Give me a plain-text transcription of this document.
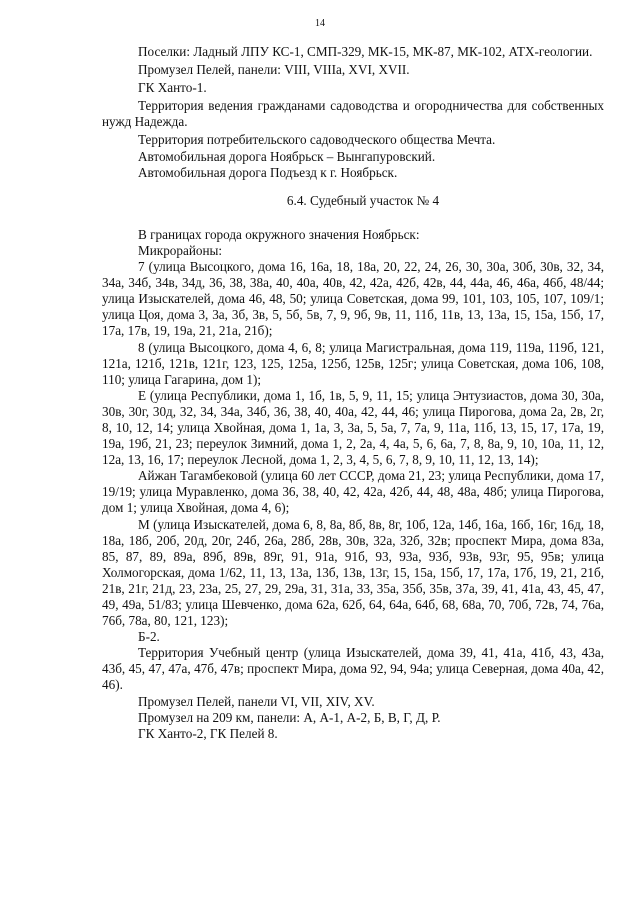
14

Поселки: Ладный ЛПУ КС-1, СМП-329, МК-15, МК-87, МК-102, АТХ-геологии.

Промузел Пелей, панели: VIII, VIIIа, XVI, XVII.

ГК Ханто-1.

Территория ведения гражданами садоводства и огородничества для собственных нужд Надежда.

Территория потребительского садоводческого общества Мечта.

Автомобильная дорога Ноябрьск – Вынгапуровский.

Автомобильная дорога Подъезд к г. Ноябрьск.

6.4. Судебный участок № 4

В границах города окружного значения Ноябрьск:

Микрорайоны:

7 (улица Высоцкого, дома 16, 16а, 18, 18а, 20, 22, 24, 26, 30, 30а, 30б, 30в, 32, 34, 34а, 34б, 34в, 34д, 36, 38, 38а, 40, 40а, 40в, 42, 42а, 42б, 42в, 44, 44а, 46, 46а, 46б, 48/44; улица Изыскателей, дома 46, 48, 50; улица Советская, дома 99, 101, 103, 105, 107, 109/1; улица Цоя, дома 3, 3а, 3б, 3в, 5, 5б, 5в, 7, 9, 9б, 9в, 11, 11б, 11в, 13, 13а, 15, 15а, 15б, 17, 17а, 17в, 19, 19а, 21, 21а, 21б);

8 (улица Высоцкого, дома 4, 6, 8; улица Магистральная, дома 119, 119а, 119б, 121, 121а, 121б, 121в, 121г, 123, 125, 125а, 125б, 125в, 125г; улица Советская, дома 106, 108, 110; улица Гагарина, дом 1);

Е (улица Республики, дома 1, 1б, 1в, 5, 9, 11, 15; улица Энтузиастов, дома 30, 30а, 30в, 30г, 30д, 32, 34, 34а, 34б, 36, 38, 40, 40а, 42, 44, 46; улица Пирогова, дома 2а, 2в, 2г, 8, 10, 12, 14; улица Хвойная, дома 1, 1а, 3, 3а, 5, 5а, 7, 7а, 9, 11а, 11б, 13, 15, 17, 17а, 19, 19а, 19б, 21, 23; переулок Зимний, дома 1, 2, 2а, 4, 4а, 5, 6, 6а, 7, 8, 8а, 9, 10, 10а, 11, 12, 12а, 13, 16, 17; переулок Лесной, дома 1, 2, 3, 4, 5, 6, 7, 8, 9, 10, 11, 12, 13, 14);

Айжан Тагамбековой (улица 60 лет СССР, дома 21, 23; улица Республики, дома 17, 19/19; улица Муравленко, дома 36, 38, 40, 42, 42а, 42б, 44, 48, 48а, 48б; улица Пирогова, дом 1; улица Хвойная, дома 4, 6);

М (улица Изыскателей, дома 6, 8, 8а, 8б, 8в, 8г, 10б, 12а, 14б, 16а, 16б, 16г, 16д, 18, 18а, 18б, 20б, 20д, 20г, 24б, 26а, 28б, 28в, 30в, 32а, 32б, 32в; проспект Мира, дома 83а, 85, 87, 89, 89а, 89б, 89в, 89г, 91, 91а, 91б, 93, 93а, 93б, 93в, 93г, 95, 95в; улица Холмогорская, дома 1/62, 11, 13, 13а, 13б, 13в, 13г, 15, 15а, 15б, 17, 17а, 17б, 19, 21, 21б, 21в, 21г, 21д, 23, 23а, 25, 27, 29, 29а, 31, 31а, 33, 35а, 35б, 35в, 37а, 39, 41, 41а, 43, 45, 47, 49, 49а, 51/83; улица Шевченко, дома 62а, 62б, 64, 64а, 64б, 68, 68а, 70, 70б, 72в, 74, 76а, 76б, 78а, 80, 121, 123);

Б-2.

Территория Учебный центр (улица Изыскателей, дома 39, 41, 41а, 41б, 43, 43а, 43б, 45, 47, 47а, 47б, 47в; проспект Мира, дома 92, 94, 94а; улица Северная, дома 40а, 42, 46).

Промузел Пелей, панели VI, VII, XIV, XV.

Промузел на 209 км, панели: А, А-1, А-2, Б, В, Г, Д, Р.

ГК Ханто-2, ГК Пелей 8.
